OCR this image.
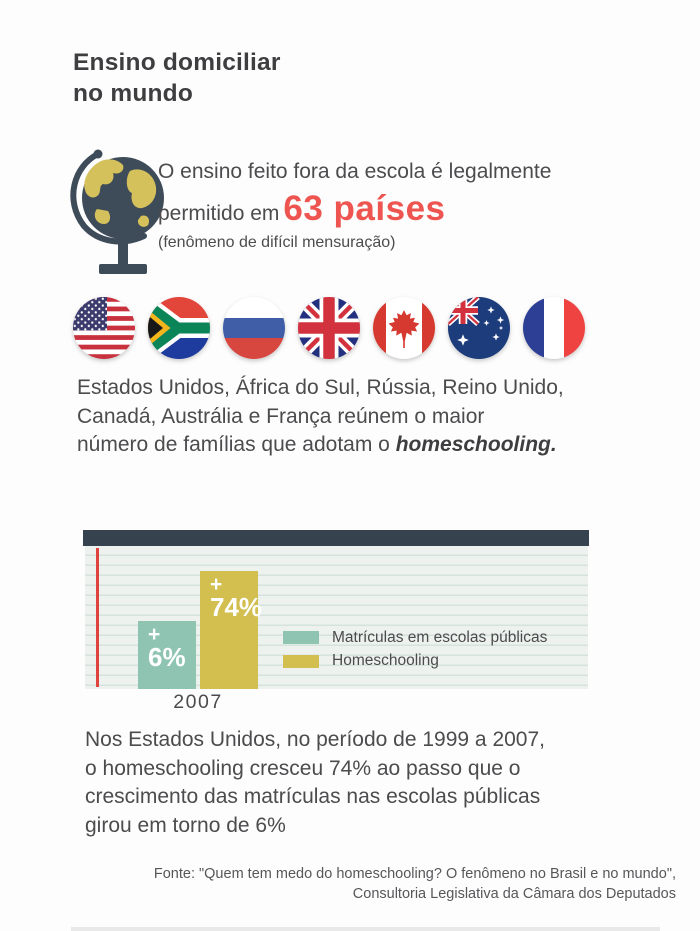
Ensino domiciliar
no mundo
O ensino feito fora da escola é legalmente
permitido em 63 países
(fenômeno de difícil mensuração)
Estados Unidos, África do Sul, Rússia, Reino Unido,
Canadá, Austrália e França reúnem o maior
número de famílias que adotam o homeschooling.
+
6%
+
74%
Matrículas em escolas públicas
Homeschooling
2007
Nos Estados Unidos, no período de 1999 a 2007,
o homeschooling cresceu 74% ao passo que o
crescimento das matrículas nas escolas públicas
girou em torno de 6%
Fonte: "Quem tem medo do homeschooling? O fenômeno no Brasil e no mundo",
Consultoria Legislativa da Câmara dos Deputados
